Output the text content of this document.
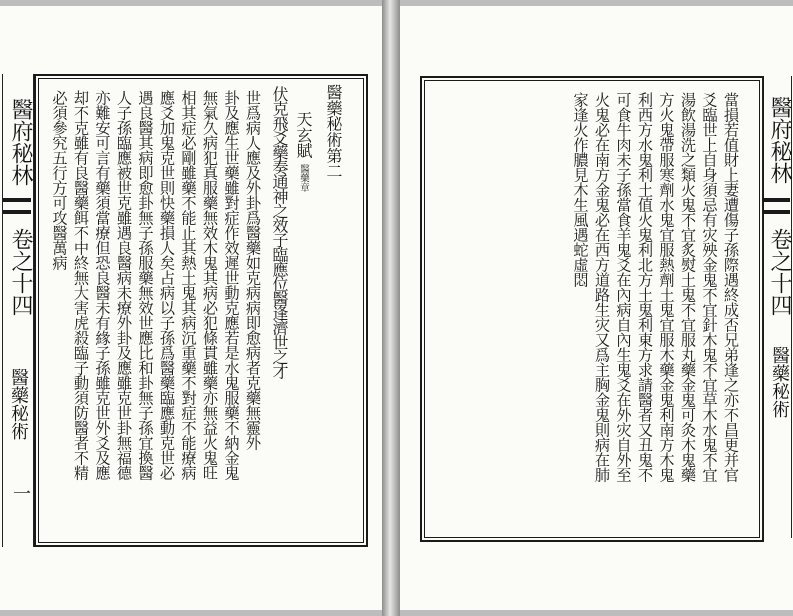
醫府秘林
卷之十四
醫藥秘術
一
世爲病人應及外卦爲醫藥如克病病即愈病者克藥無靈外
卦及應生世藥雖對症作效遲世動克應若是水鬼服藥不納金鬼
無氣久病犯真服藥無效木鬼其病必犯條貫雖藥亦無益火鬼旺
相其症必剛雖藥不能止其熱土鬼其病沉重藥不對症不能療病
應爻加鬼克世則快藥損人矣占病以子孫爲醫藥臨應動克世必
遇良醫其病即愈卦無子孫服藥無效世應比和卦無子孫宜換醫
人子孫臨應被世克雖遇良醫病未療外卦及應雖克世卦無福德
亦難安可言有藥須當療但恐良醫未有緣子孫雖克世外爻及應
却不克雖有良醫藥餌不中終無大害虎殺臨子動須防醫者不精
必須參究五行方可攻醫萬病	伏克飛爻藥奏通神之效子臨應位醫逢濟世之才 天玄賦
醫藥章 醫藥秘術第二	醫府秘林
卷之十四
醫藥秘術
當損若值財上妻遭傷子孫際遇終成否兄弟逢之亦不昌更并官
爻臨世上自身須忌有灾殃金鬼不宜針木鬼不宜草木水鬼不宜
湯飲湯洗之類火鬼不宜炙熨土鬼不宜服丸藥金鬼可灸木鬼藥
方火鬼帶服寒劑水鬼宜服熱劑土鬼宜服木藥金鬼利南方木鬼
利西方水鬼利土值火鬼利北方土鬼利東方求請醫者又丑鬼不
可食牛肉未子孫當食羊鬼爻在內病自內生鬼爻在外灾自外至
火鬼必在南方金鬼必在西方道路生灾又爲主胸金鬼則病在肺
家逢火作膿見木生風遇蛇虛悶
